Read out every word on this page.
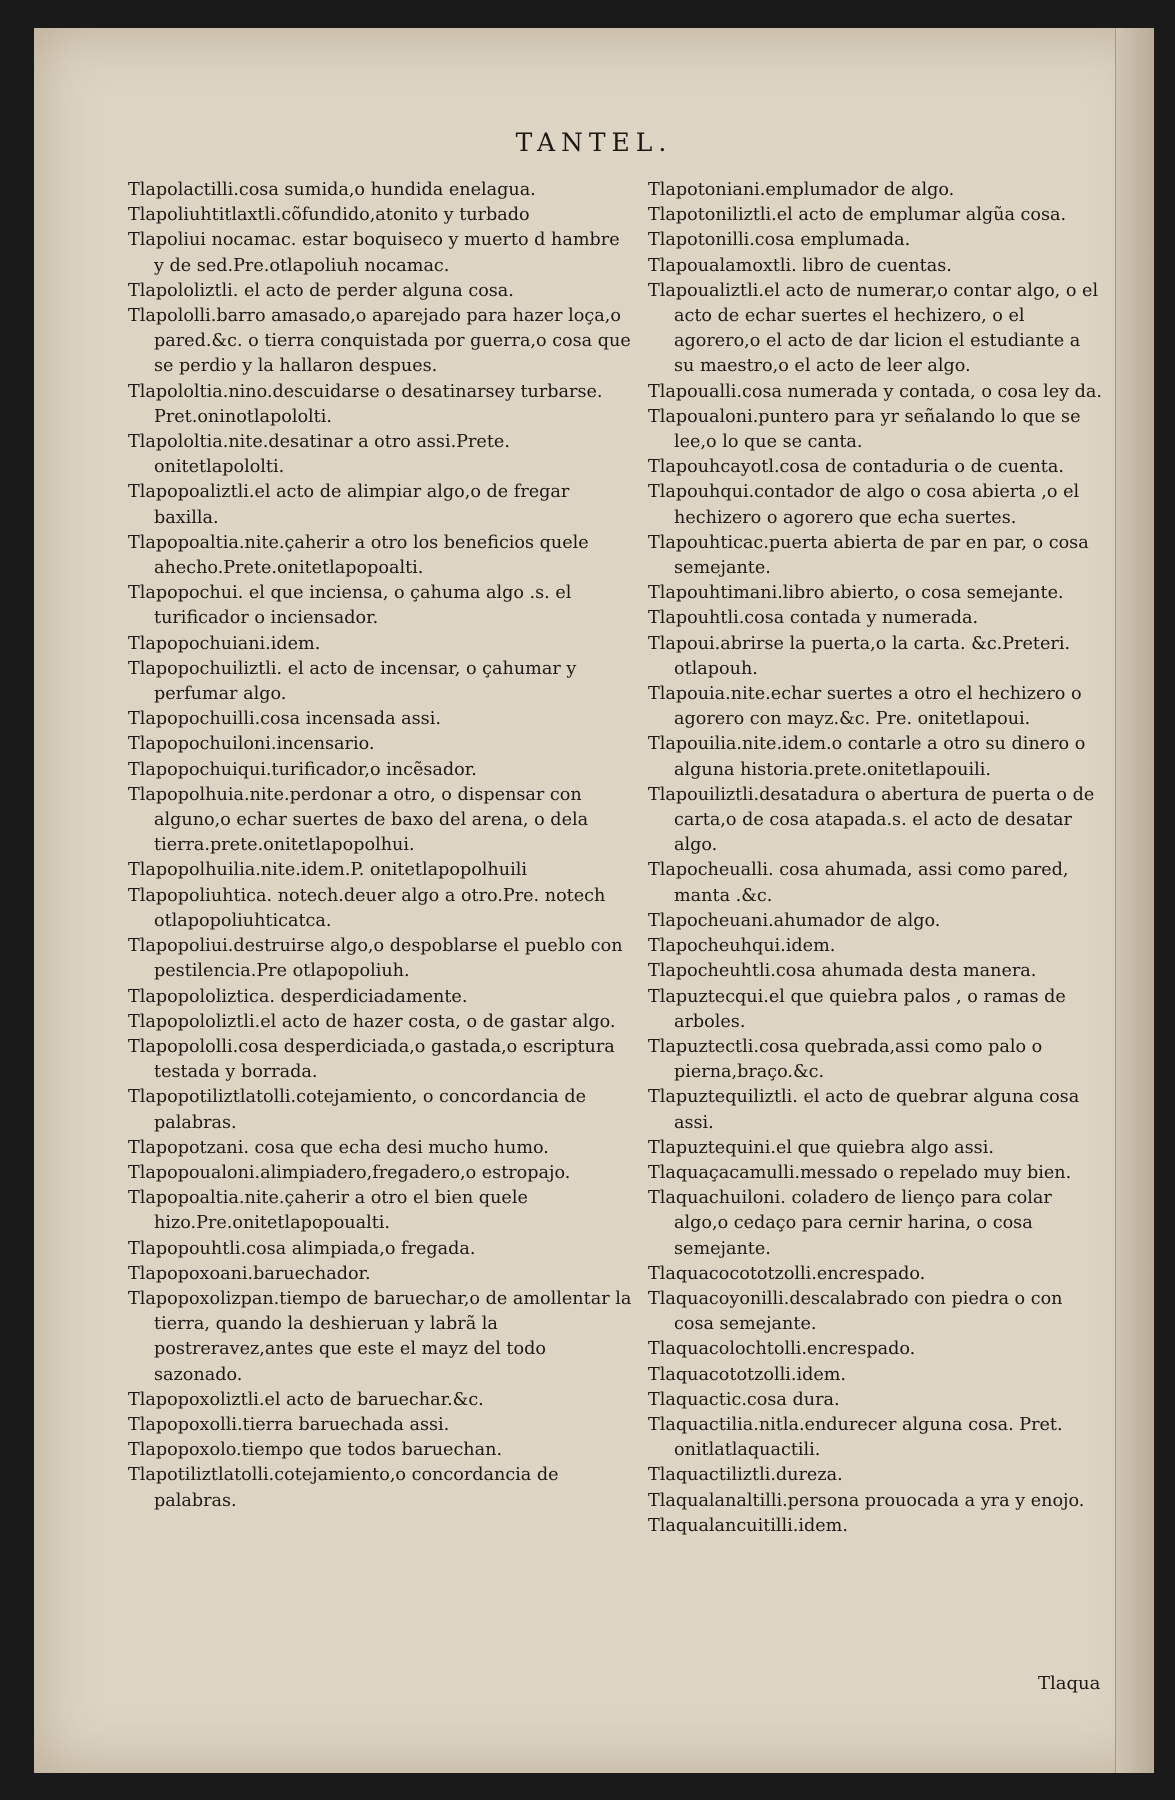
TANTEL.

Tlapolactilli.cosa sumida,o hundida enelagua.

Tlapoliuhtitlaxtli.cõfundido,atonito y turbado

Tlapoliui nocamac. estar boquiseco y muerto d hambre y de sed.Pre.otlapoliuh nocamac.

Tlapololiztli. el acto de perder alguna cosa.

Tlapololli.barro amasado,o aparejado para hazer loça,o pared.&c. o tierra conquistada por guerra,o cosa que se perdio y la hallaron despues.

Tlapololtia.nino.descuidarse o desatinarsey turbarse. Pret.oninotlapololti.

Tlapololtia.nite.desatinar a otro assi.Prete. onitetlapololti.

Tlapopoaliztli.el acto de alimpiar algo,o de fregar baxilla.

Tlapopoaltia.nite.çaherir a otro los beneficios quele ahecho.Prete.onitetlapopoalti.

Tlapopochui. el que inciensa, o çahuma algo .s. el turificador o inciensador.

Tlapopochuiani.idem.

Tlapopochuiliztli. el acto de incensar, o çahumar y perfumar algo.

Tlapopochuilli.cosa incensada assi.

Tlapopochuiloni.incensario.

Tlapopochuiqui.turificador,o incẽsador.

Tlapopolhuia.nite.perdonar a otro, o dispensar con alguno,o echar suertes de baxo del arena, o dela tierra.prete.onitetlapopolhui.

Tlapopolhuilia.nite.idem.P. onitetlapopolhuili

Tlapopoliuhtica. notech.deuer algo a otro.Pre. notech otlapopoliuhticatca.

Tlapopoliui.destruirse algo,o despoblarse el pueblo con pestilencia.Pre otlapopoliuh.

Tlapopololiztica. desperdiciadamente.

Tlapopololiztli.el acto de hazer costa, o de gastar algo.

Tlapopololli.cosa desperdiciada,o gastada,o escriptura testada y borrada.

Tlapopotiliztlatolli.cotejamiento, o concordancia de palabras.

Tlapopotzani. cosa que echa desi mucho humo.

Tlapopoualoni.alimpiadero,fregadero,o estropajo.

Tlapopoaltia.nite.çaherir a otro el bien quele hizo.Pre.onitetlapopoualti.

Tlapopouhtli.cosa alimpiada,o fregada.

Tlapopoxoani.baruechador.

Tlapopoxolizpan.tiempo de baruechar,o de amollentar la tierra, quando la deshieruan y labrã la postreravez,antes que este el mayz del todo sazonado.

Tlapopoxoliztli.el acto de baruechar.&c.

Tlapopoxolli.tierra baruechada assi.

Tlapopoxolo.tiempo que todos baruechan.

Tlapotiliztlatolli.cotejamiento,o concordancia de palabras.

Tlapotoniani.emplumador de algo.

Tlapotoniliztli.el acto de emplumar algũa cosa.

Tlapotonilli.cosa emplumada.

Tlapoualamoxtli. libro de cuentas.

Tlapoualiztli.el acto de numerar,o contar algo, o el acto de echar suertes el hechizero, o el agorero,o el acto de dar licion el estudiante a su maestro,o el acto de leer algo.

Tlapoualli.cosa numerada y contada, o cosa ley da.

Tlapoualoni.puntero para yr señalando lo que se lee,o lo que se canta.

Tlapouhcayotl.cosa de contaduria o de cuenta.

Tlapouhqui.contador de algo o cosa abierta ,o el hechizero o agorero que echa suertes.

Tlapouhticac.puerta abierta de par en par, o cosa semejante.

Tlapouhtimani.libro abierto, o cosa semejante.

Tlapouhtli.cosa contada y numerada.

Tlapoui.abrirse la puerta,o la carta. &c.Preteri. otlapouh.

Tlapouia.nite.echar suertes a otro el hechizero o agorero con mayz.&c. Pre. onitetlapoui.

Tlapouilia.nite.idem.o contarle a otro su dinero o alguna historia.prete.onitetlapouili.

Tlapouiliztli.desatadura o abertura de puerta o de carta,o de cosa atapada.s. el acto de desatar algo.

Tlapocheualli. cosa ahumada, assi como pared, manta .&c.

Tlapocheuani.ahumador de algo.

Tlapocheuhqui.idem.

Tlapocheuhtli.cosa ahumada desta manera.

Tlapuztecqui.el que quiebra palos , o ramas de arboles.

Tlapuztectli.cosa quebrada,assi como palo o pierna,braço.&c.

Tlapuztequiliztli. el acto de quebrar alguna cosa assi.

Tlapuztequini.el que quiebra algo assi.

Tlaquaçacamulli.messado o repelado muy bien.

Tlaquachuiloni. coladero de lienço para colar algo,o cedaço para cernir harina, o cosa semejante.

Tlaquacocototzolli.encrespado.

Tlaquacoyonilli.descalabrado con piedra o con cosa semejante.

Tlaquacolochtolli.encrespado.

Tlaquacototzolli.idem.

Tlaquactic.cosa dura.

Tlaquactilia.nitla.endurecer alguna cosa. Pret. onitlatlaquactili.

Tlaquactiliztli.dureza.

Tlaqualanaltilli.persona prouocada a yra y enojo.

Tlaqualancuitilli.idem.

Tlaqua
